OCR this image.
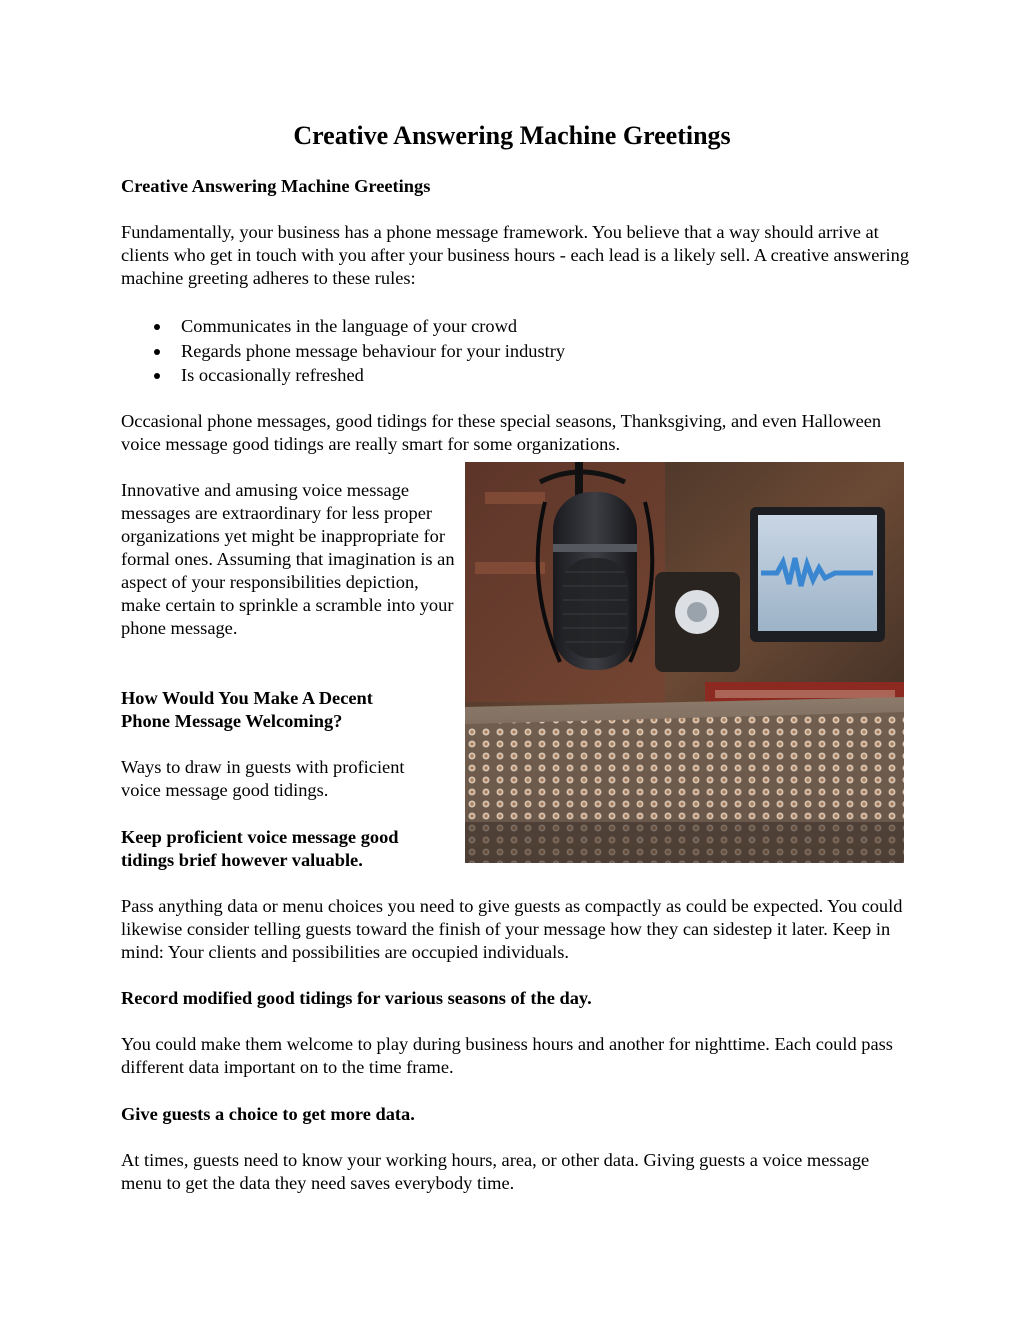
Creative Answering Machine Greetings

Creative Answering Machine Greetings

Fundamentally, your business has a phone message framework. You believe that a way should arrive at clients who get in touch with you after your business hours - each lead is a likely sell. A creative answering machine greeting adheres to these rules:

Communicates in the language of your crowd
Regards phone message behaviour for your industry
Is occasionally refreshed

Occasional phone messages, good tidings for these special seasons, Thanksgiving, and even Halloween voice message good tidings are really smart for some organizations.

Innovative and amusing voice message messages are extraordinary for less proper organizations yet might be inappropriate for formal ones. Assuming that imagination is an aspect of your responsibilities depiction, make certain to sprinkle a scramble into your phone message.

How Would You Make A Decent Phone Message Welcoming?

Ways to draw in guests with proficient voice message good tidings.

Keep proficient voice message good tidings brief however valuable.

Pass anything data or menu choices you need to give guests as compactly as could be expected. You could likewise consider telling guests toward the finish of your message how they can sidestep it later. Keep in mind: Your clients and possibilities are occupied individuals.

Record modified good tidings for various seasons of the day.

You could make them welcome to play during business hours and another for nighttime. Each could pass different data important on to the time frame.

Give guests a choice to get more data.

At times, guests need to know your working hours, area, or other data. Giving guests a voice message menu to get the data they need saves everybody time.
